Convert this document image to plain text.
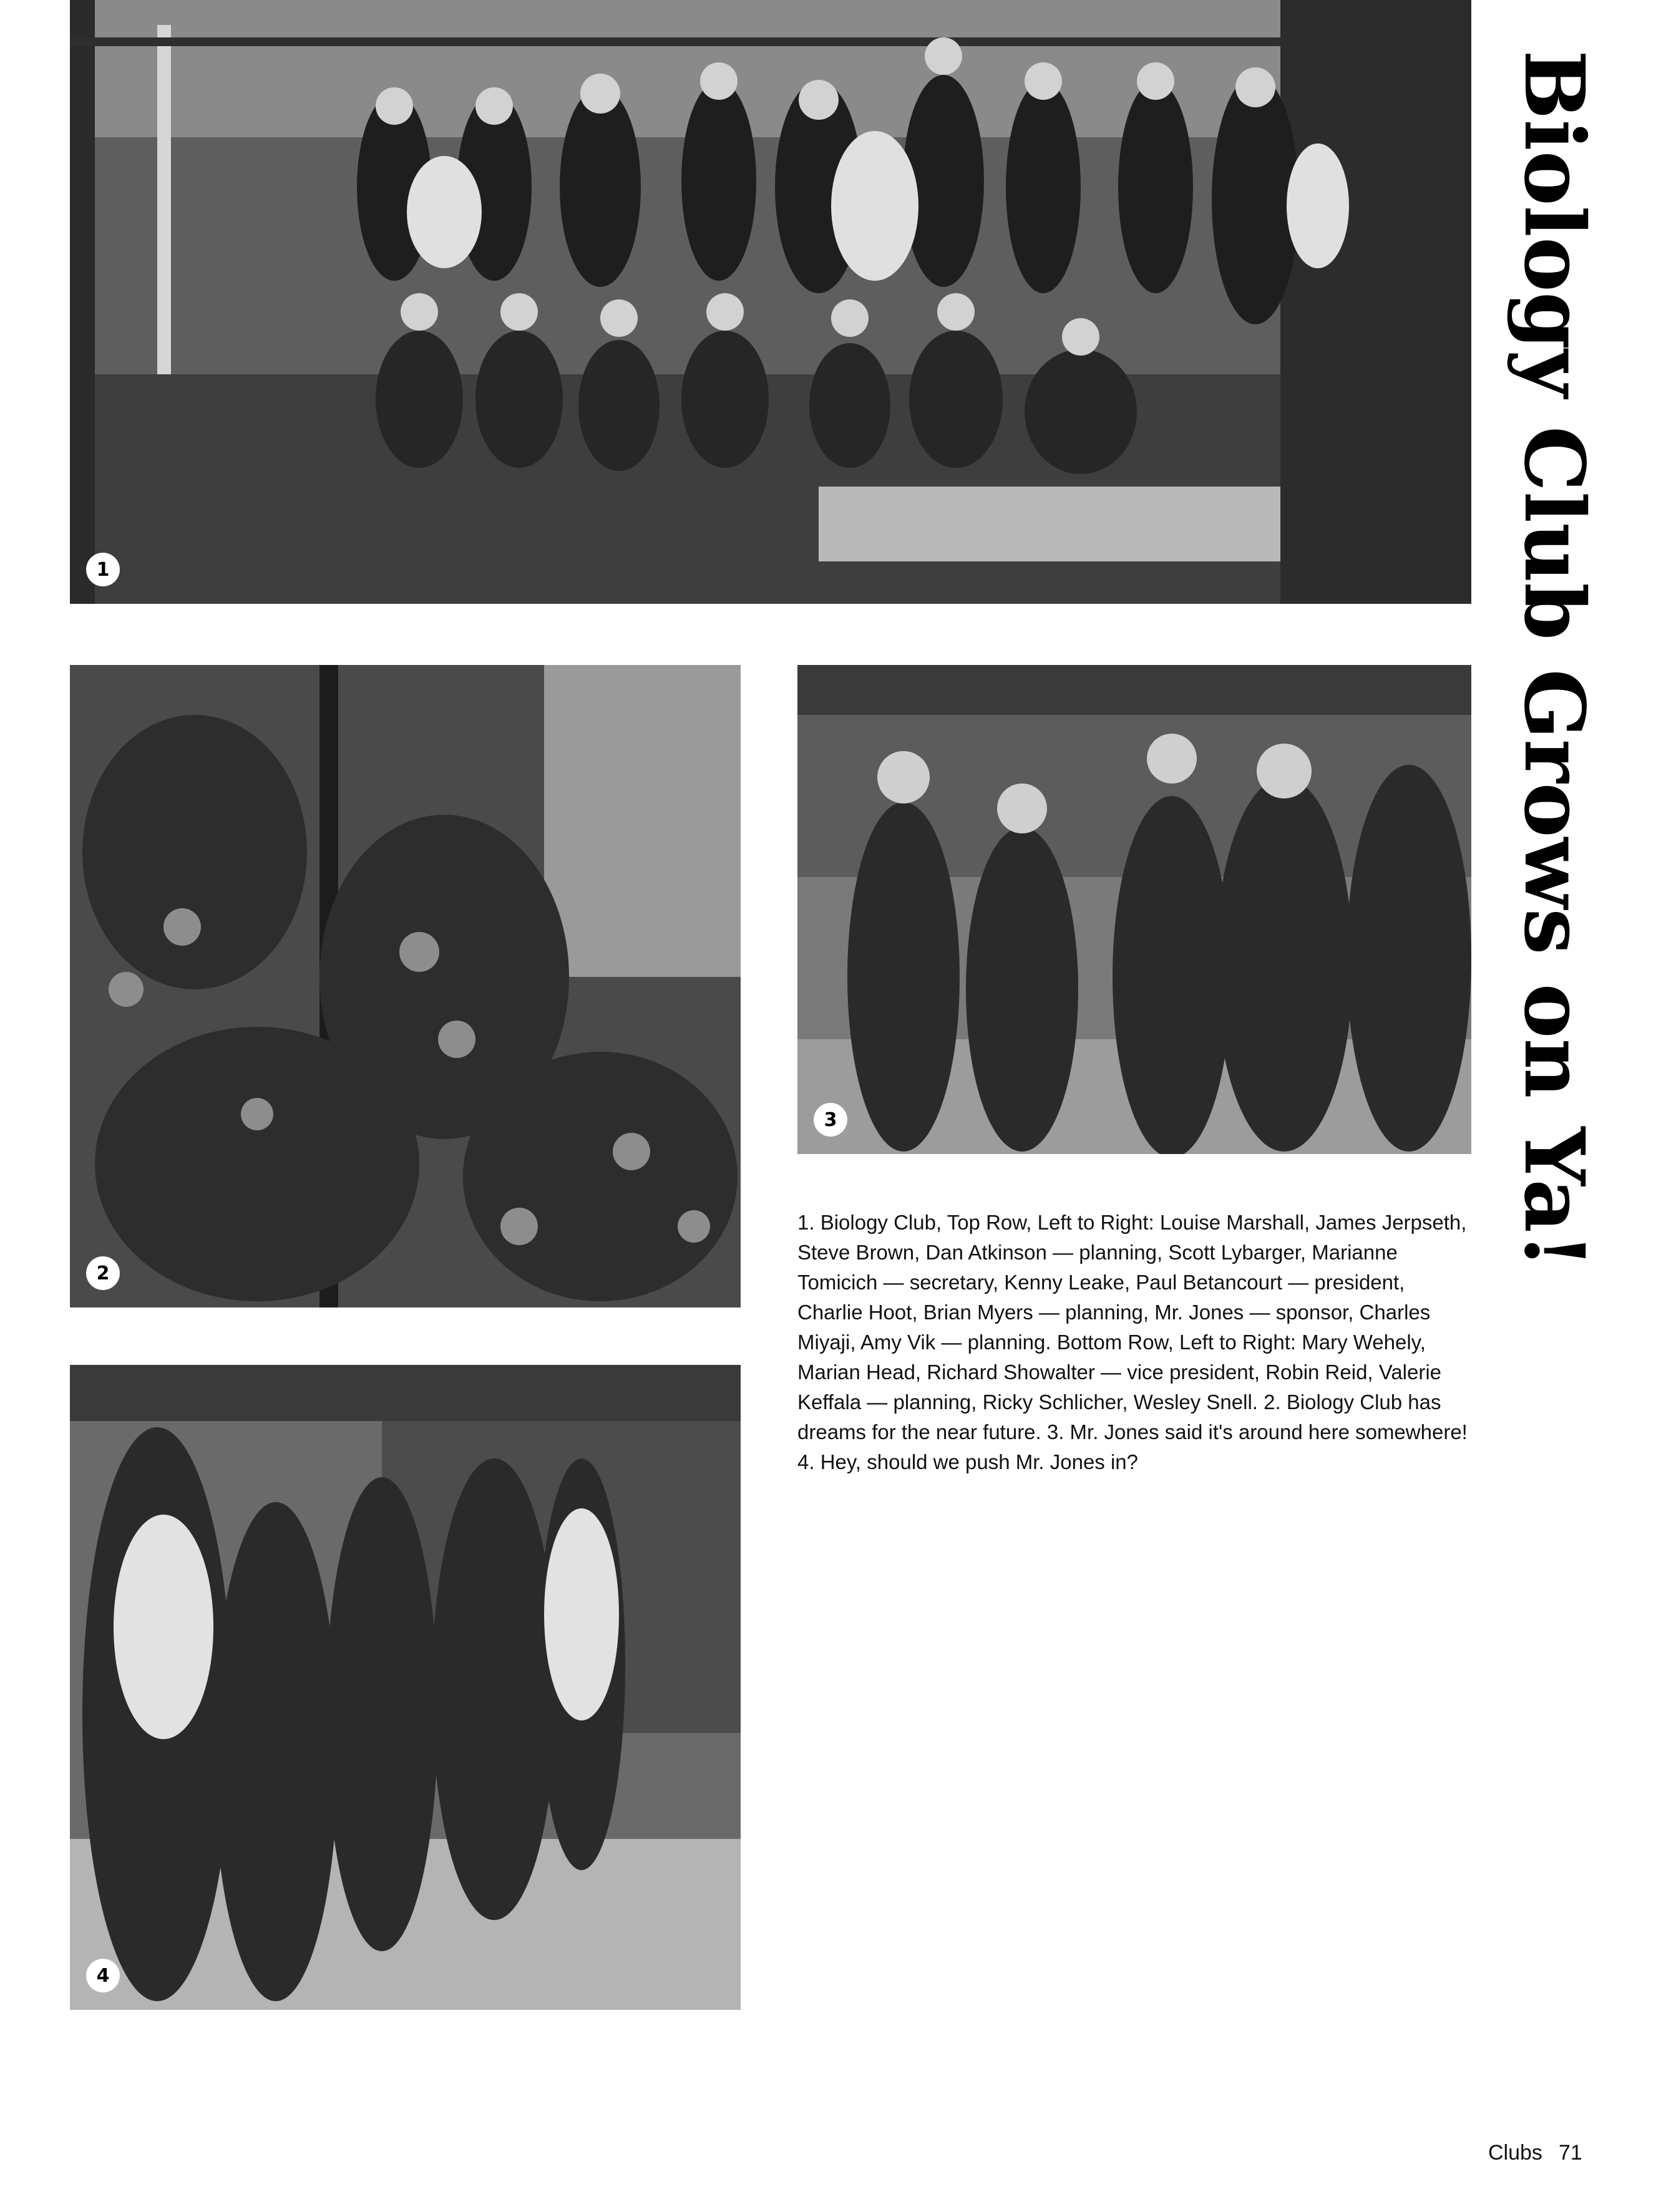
1
2
3
4
Biology Club Grows on Ya!

1. Biology Club, Top Row, Left to Right: Louise Marshall, James Jerpseth, Steve Brown, Dan Atkinson — planning, Scott Lybarger, Marianne Tomicich — secretary, Kenny Leake, Paul Betancourt — president, Charlie Hoot, Brian Myers — planning, Mr. Jones — sponsor, Charles Miyaji, Amy Vik — planning. Bottom Row, Left to Right: Mary Wehely, Marian Head, Richard Showalter — vice president, Robin Reid, Valerie Keffala — planning, Ricky Schlicher, Wesley Snell. 2. Biology Club has dreams for the near future. 3. Mr. Jones said it's around here somewhere! 4. Hey, should we push Mr. Jones in?

Clubs 71
